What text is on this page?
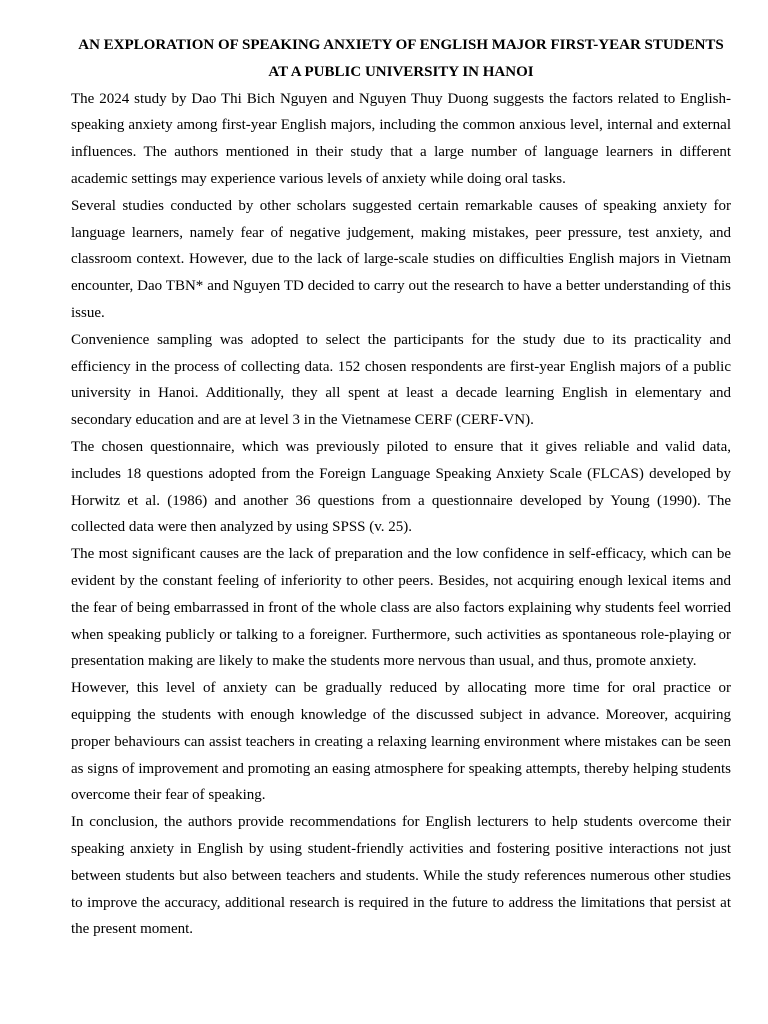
AN EXPLORATION OF SPEAKING ANXIETY OF ENGLISH MAJOR FIRST-YEAR STUDENTS
AT A PUBLIC UNIVERSITY IN HANOI

The 2024 study by Dao Thi Bich Nguyen and Nguyen Thuy Duong suggests the factors related to English-speaking anxiety among first-year English majors, including the common anxious level, internal and external influences. The authors mentioned in their study that a large number of language learners in different academic settings may experience various levels of anxiety while doing oral tasks.

Several studies conducted by other scholars suggested certain remarkable causes of speaking anxiety for language learners, namely fear of negative judgement, making mistakes, peer pressure, test anxiety, and classroom context. However, due to the lack of large-scale studies on difficulties English majors in Vietnam encounter, Dao TBN* and Nguyen TD decided to carry out the research to have a better understanding of this issue.

Convenience sampling was adopted to select the participants for the study due to its practicality and efficiency in the process of collecting data. 152 chosen respondents are first-year English majors of a public university in Hanoi. Additionally, they all spent at least a decade learning English in elementary and secondary education and are at level 3 in the Vietnamese CERF (CERF-VN).

The chosen questionnaire, which was previously piloted to ensure that it gives reliable and valid data, includes 18 questions adopted from the Foreign Language Speaking Anxiety Scale (FLCAS) developed by Horwitz et al. (1986) and another 36 questions from a questionnaire developed by Young (1990). The collected data were then analyzed by using SPSS (v. 25).

The most significant causes are the lack of preparation and the low confidence in self-efficacy, which can be evident by the constant feeling of inferiority to other peers. Besides, not acquiring enough lexical items and the fear of being embarrassed in front of the whole class are also factors explaining why students feel worried when speaking publicly or talking to a foreigner. Furthermore, such activities as spontaneous role-playing or presentation making are likely to make the students more nervous than usual, and thus, promote anxiety.

However, this level of anxiety can be gradually reduced by allocating more time for oral practice or equipping the students with enough knowledge of the discussed subject in advance. Moreover, acquiring proper behaviours can assist teachers in creating a relaxing learning environment where mistakes can be seen as signs of improvement and promoting an easing atmosphere for speaking attempts, thereby helping students overcome their fear of speaking.

In conclusion, the authors provide recommendations for English lecturers to help students overcome their speaking anxiety in English by using student-friendly activities and fostering positive interactions not just between students but also between teachers and students. While the study references numerous other studies to improve the accuracy, additional research is required in the future to address the limitations that persist at the present moment.
